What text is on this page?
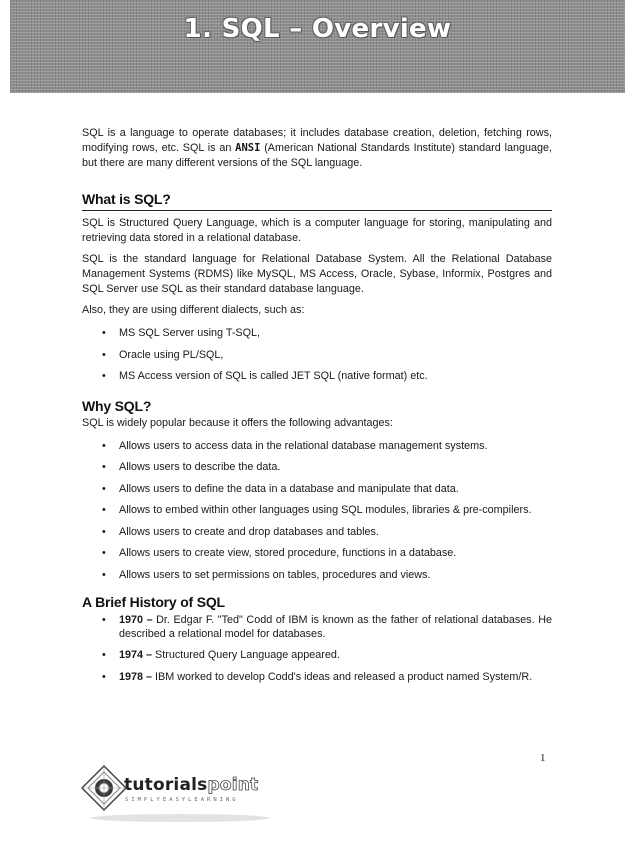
1. SQL – Overview

SQL is a language to operate databases; it includes database creation, deletion, fetching rows, modifying rows, etc. SQL is an ANSI (American National Standards Institute) standard language, but there are many different versions of the SQL language.

What is SQL?

SQL is Structured Query Language, which is a computer language for storing, manipulating and retrieving data stored in a relational database.

SQL is the standard language for Relational Database System. All the Relational Database Management Systems (RDMS) like MySQL, MS Access, Oracle, Sybase, Informix, Postgres and SQL Server use SQL as their standard database language.

Also, they are using different dialects, such as:

• MS SQL Server using T-SQL,
• Oracle using PL/SQL,
• MS Access version of SQL is called JET SQL (native format) etc.
Why SQL?

SQL is widely popular because it offers the following advantages:

• Allows users to access data in the relational database management systems.
• Allows users to describe the data.
• Allows users to define the data in a database and manipulate that data.
• Allows to embed within other languages using SQL modules, libraries & pre-compilers.
• Allows users to create and drop databases and tables.
• Allows users to create view, stored procedure, functions in a database.
• Allows users to set permissions on tables, procedures and views.
A Brief History of SQL
• 1970 – Dr. Edgar F. "Ted" Codd of IBM is known as the father of relational databases. He described a relational model for databases.
• 1974 – Structured Query Language appeared.
• 1978 – IBM worked to develop Codd's ideas and released a product named System/R.
1
tutorialspoint
SIMPLYEASYLEARNING
